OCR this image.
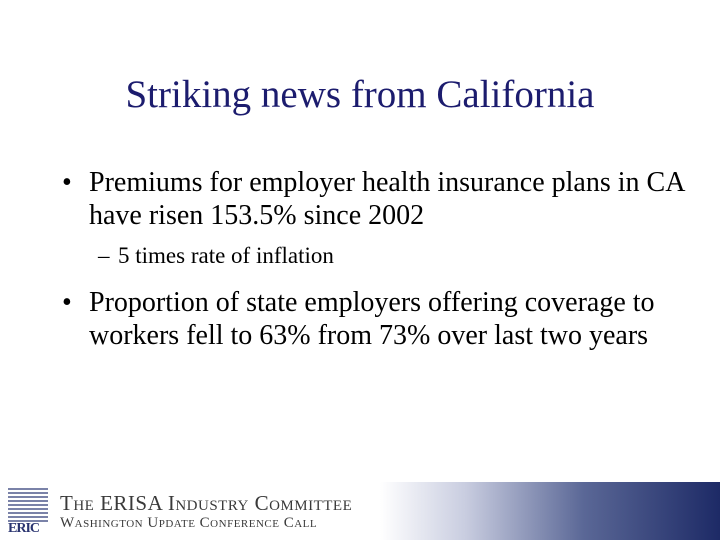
Striking news from California
• Premiums for employer health insurance plans in CA have risen 153.5% since 2002
– 5 times rate of inflation
• Proportion of state employers offering coverage to workers fell to 63% from 73% over last two years
ERIC
The ERISA Industry Committee
Washington Update Conference Call
